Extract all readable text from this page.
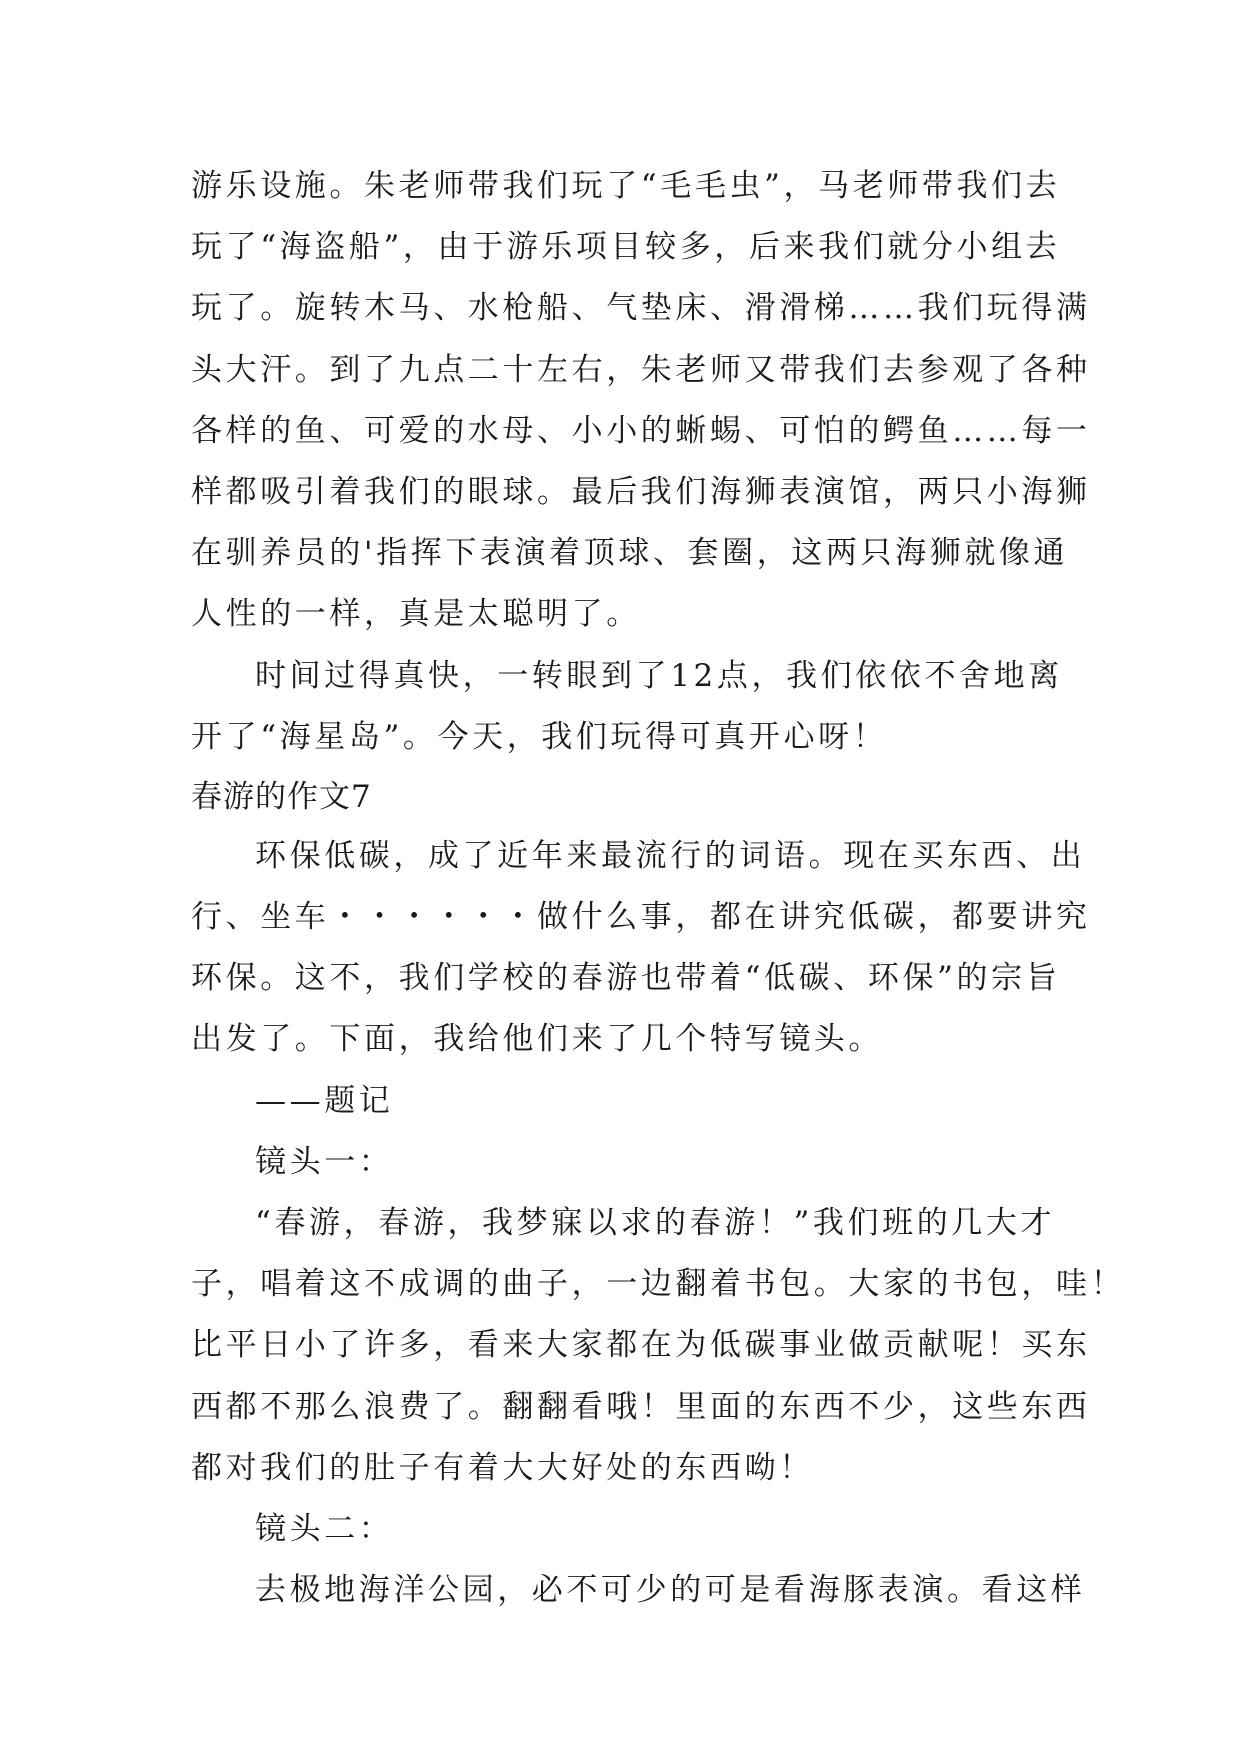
游乐设施。朱老师带我们玩了“毛毛虫”，马老师带我们去
玩了“海盗船”，由于游乐项目较多，后来我们就分小组去
玩了。旋转木马、水枪船、气垫床、滑滑梯……我们玩得满
头大汗。到了九点二十左右，朱老师又带我们去参观了各种
各样的鱼、可爱的水母、小小的蜥蜴、可怕的鳄鱼……每一
样都吸引着我们的眼球。最后我们海狮表演馆，两只小海狮
在驯养员的'指挥下表演着顶球、套圈，这两只海狮就像通
人性的一样，真是太聪明了。
时间过得真快，一转眼到了12点，我们依依不舍地离
开了“海星岛”。今天，我们玩得可真开心呀！
春游的作文7
环保低碳，成了近年来最流行的词语。现在买东西、出
行、坐车・・・・・・做什么事，都在讲究低碳，都要讲究
环保。这不，我们学校的春游也带着“低碳、环保”的宗旨
出发了。下面，我给他们来了几个特写镜头。
——题记
镜头一：
“春游，春游，我梦寐以求的春游！”我们班的几大才
子，唱着这不成调的曲子，一边翻着书包。大家的书包，哇！
比平日小了许多，看来大家都在为低碳事业做贡献呢！买东
西都不那么浪费了。翻翻看哦！里面的东西不少，这些东西
都对我们的肚子有着大大好处的东西呦！
镜头二：
去极地海洋公园，必不可少的可是看海豚表演。看这样
